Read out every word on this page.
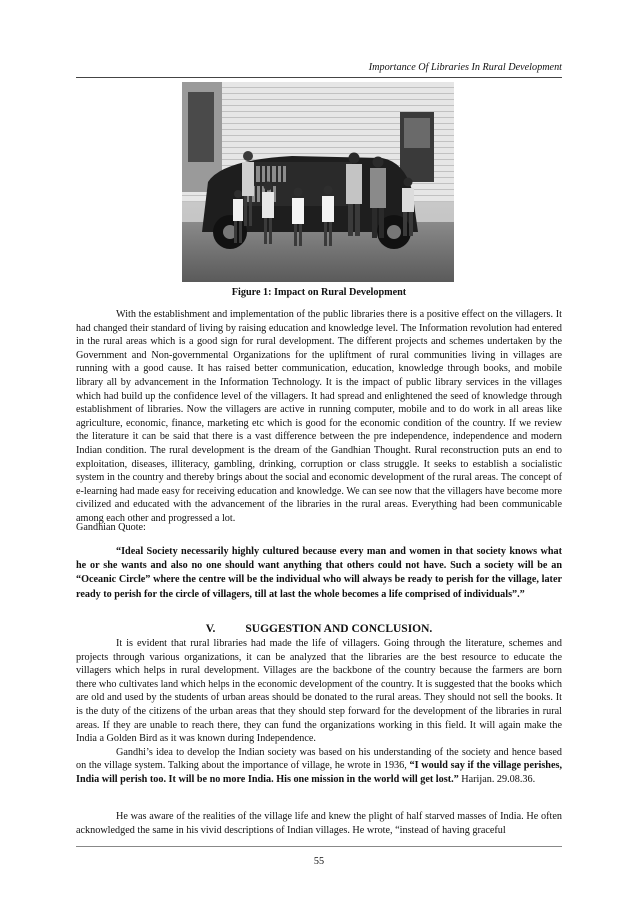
Importance Of Libraries In Rural Development
Figure 1: Impact on Rural Development

With the establishment and implementation of the public libraries there is a positive effect on the villagers. It had changed their standard of living by raising education and knowledge level. The Information revolution had entered in the rural areas which is a good sign for rural development. The different projects and schemes undertaken by the Government and Non-governmental Organizations for the upliftment of rural communities living in villages are running with a good cause. It has raised better communication, education, knowledge through books, and mobile library all by advancement in the Information Technology. It is the impact of public library services in the villages which had build up the confidence level of the villagers. It had spread and enlightened the seed of knowledge through establishment of libraries. Now the villagers are active in running computer, mobile and to do work in all areas like agriculture, economic, finance, marketing etc which is good for the economic condition of the country. If we review the literature it can be said that there is a vast difference between the pre independence, independence and modern Indian condition. The rural development is the dream of the Gandhian Thought. Rural reconstruction puts an end to exploitation, diseases, illiteracy, gambling, drinking, corruption or class struggle. It seeks to establish a socialistic system in the country and thereby brings about the social and economic development of the rural areas. The concept of e-learning had made easy for receiving education and knowledge. We can see now that the villagers have become more civilized and educated with the advancement of the libraries in the rural areas. Everything had been communicable among each other and progressed a lot.

Gandhian Quote:

“Ideal Society necessarily highly cultured because every man and women in that society knows what he or she wants and also no one should want anything that others could not have. Such a society will be an “Oceanic Circle” where the centre will be the individual who will always be ready to perish for the village, later ready to perish for the circle of villagers, till at last the whole becomes a life comprised of individuals”.”

V.	SUGGESTION AND CONCLUSION.

It is evident that rural libraries had made the life of villagers. Going through the literature, schemes and projects through various organizations, it can be analyzed that the libraries are the best resource to educate the villagers which helps in rural development. Villages are the backbone of the country because the farmers are born there who cultivates land which helps in the economic development of the country. It is suggested that the books which are old and used by the students of urban areas should be donated to the rural areas. They should not sell the books. It is the duty of the citizens of the urban areas that they should step forward for the development of the libraries in rural areas. If they are unable to reach there, they can fund the organizations working in this field. It will again make the India a Golden Bird as it was known during Independence.

Gandhi’s idea to develop the Indian society was based on his understanding of the society and hence based on the village system. Talking about the importance of village, he wrote in 1936, “I would say if the village perishes, India will perish too. It will be no more India. His one mission in the world will get lost.” Harijan. 29.08.36.

He was aware of the realities of the village life and knew the plight of half starved masses of India. He often acknowledged the same in his vivid descriptions of Indian villages. He wrote, “instead of having graceful

55
